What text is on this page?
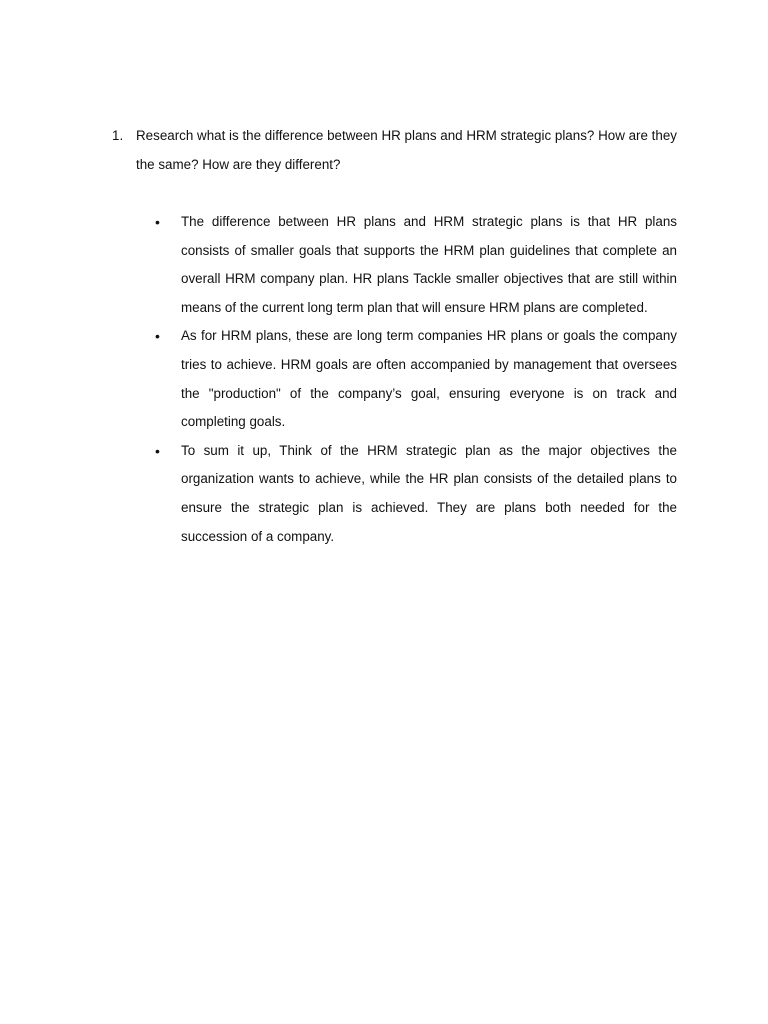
1. Research what is the difference between HR plans and HRM strategic plans? How are they the same? How are they different?
• The difference between HR plans and HRM strategic plans is that HR plans consists of smaller goals that supports the HRM plan guidelines that complete an overall HRM company plan. HR plans Tackle smaller objectives that are still within means of the current long term plan that will ensure HRM plans are completed.
• As for HRM plans, these are long term companies HR plans or goals the company tries to achieve. HRM goals are often accompanied by management that oversees the "production" of the company’s goal, ensuring everyone is on track and completing goals.
• To sum it up, Think of the HRM strategic plan as the major objectives the organization wants to achieve, while the HR plan consists of the detailed plans to ensure the strategic plan is achieved. They are plans both needed for the succession of a company.
